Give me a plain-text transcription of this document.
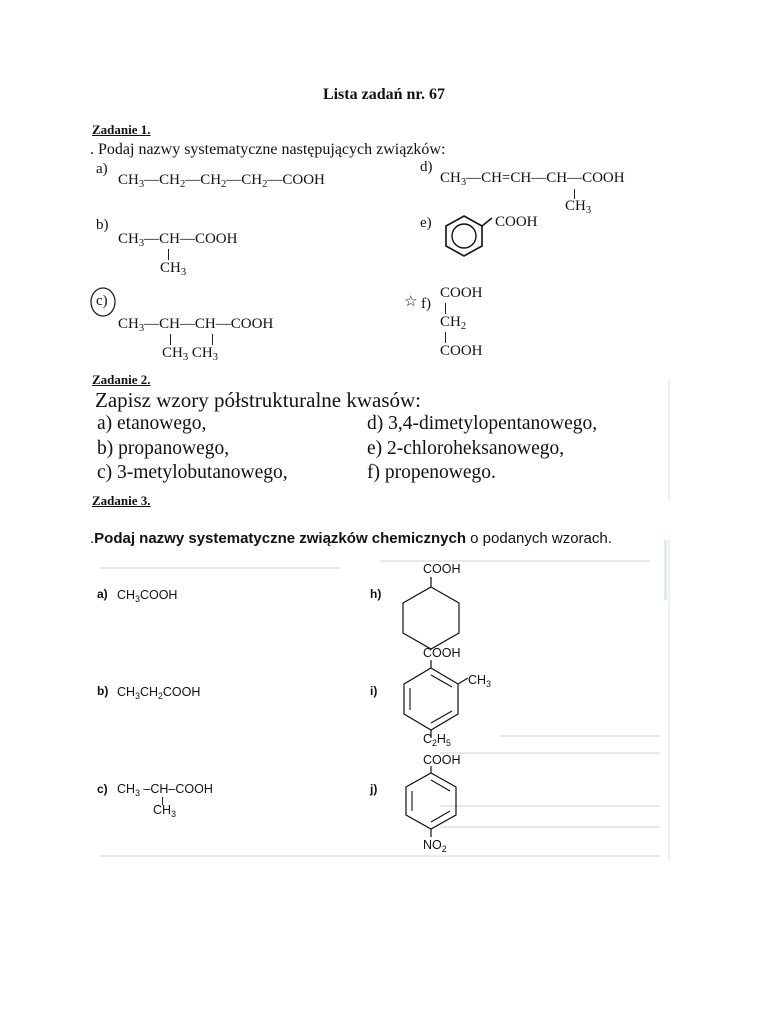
Lista zadań nr. 67
Zadanie 1.
. Podaj nazwy systematyczne następujących związków:
a)
$CH_3—CH_2—CH_2—CH_2—COOH$
d)
$CH_3—CH=CH—CH—COOH$
$CH_3$
b)
$CH_3—CH—COOH$
$CH_3$
e)	COOH
c)
$CH_3—CH—CH—COOH$
$CH_3$ $CH_3$
☆ f)
COOH
$CH_2$
COOH
Zadanie 2.
Zapisz wzory półstrukturalne kwasów:
a) etanowego,
b) propanowego,
c) 3-metylobutanowego,
d) 3,4-dimetylopentanowego,
e) 2-chloroheksanowego,
f) propenowego.
Zadanie 3.
.Podaj nazwy systematyczne związków chemicznych o podanych wzorach.
a) $CH_3COOH$	h)
COOH
b) $CH_3CH_2COOH$	i)
COOH
$CH_3$
$C_2H_5$
c) $CH_3$ –CH–COOH
$CH_3$
j)
COOH
$NO_2$
